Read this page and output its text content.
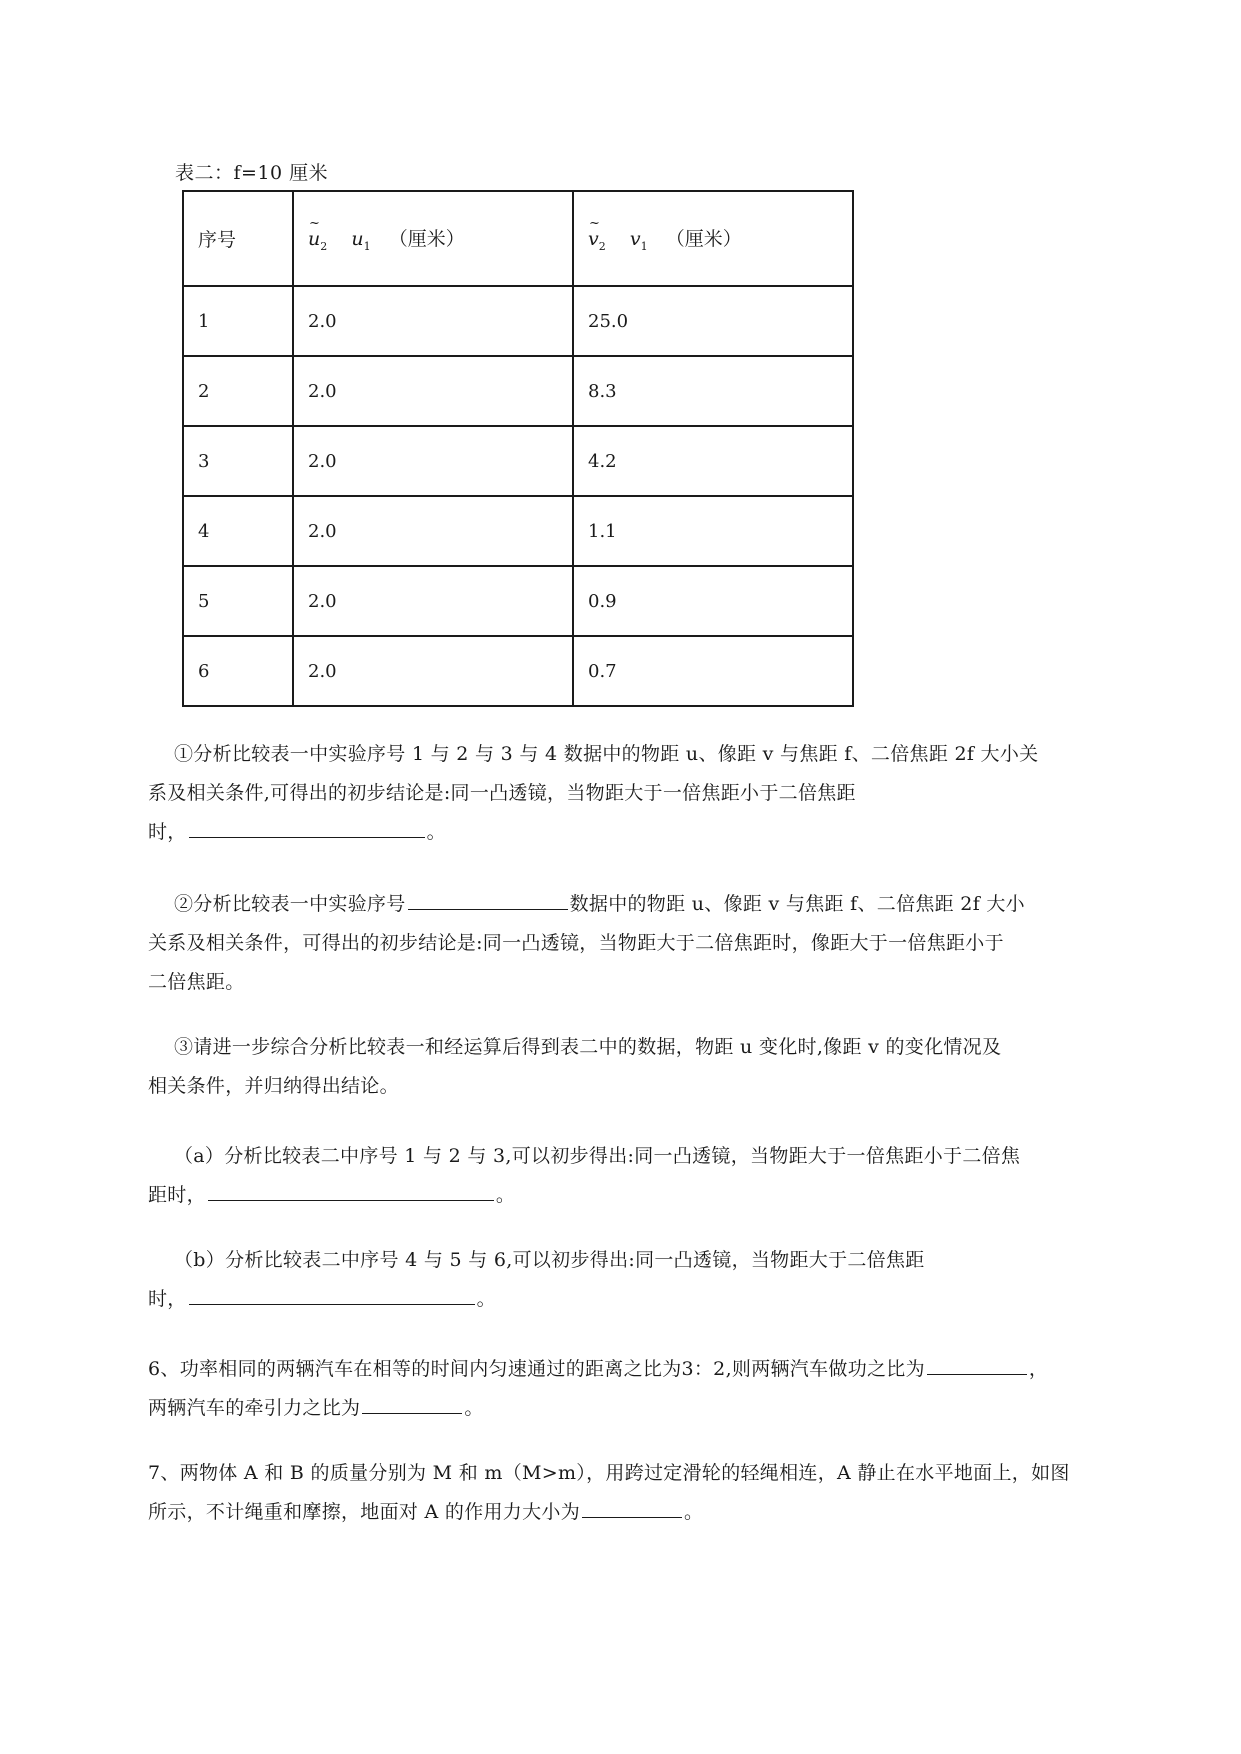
表二：f=10 厘米
序号	~ $u_2$ $u_1$ （厘米）	~ $v_2$ $v_1$ （厘米）
1	2.0	25.0
2	2.0	8.3
3	2.0	4.2
4	2.0	1.1
5	2.0	0.9
6	2.0	0.7
①分析比较表一中实验序号 1 与 2 与 3 与 4 数据中的物距 u、像距 v 与焦距 f、二倍焦距 2f 大小关
系及相关条件,可得出的初步结论是:同一凸透镜，当物距大于一倍焦距小于二倍焦距
时，	。
②分析比较表一中实验序号	数据中的物距 u、像距 v 与焦距 f、二倍焦距 2f 大小

关系及相关条件，可得出的初步结论是:同一凸透镜，当物距大于二倍焦距时，像距大于一倍焦距小于
二倍焦距。
③请进一步综合分析比较表一和经运算后得到表二中的数据，物距 u 变化时,像距 v 的变化情况及
相关条件，并归纳得出结论。
（a）分析比较表二中序号 1 与 2 与 3,可以初步得出:同一凸透镜，当物距大于一倍焦距小于二倍焦
距时，	。
（b）分析比较表二中序号 4 与 5 与 6,可以初步得出:同一凸透镜，当物距大于二倍焦距
时，	。
6、功率相同的两辆汽车在相等的时间内匀速通过的距离之比为3：2,则两辆汽车做功之比为	，
两辆汽车的牵引力之比为	。
7、两物体 A 和 B 的质量分别为 M 和 m（M>m），用跨过定滑轮的轻绳相连，A 静止在水平地面上，如图
所示，不计绳重和摩擦，地面对 A 的作用力大小为	。
